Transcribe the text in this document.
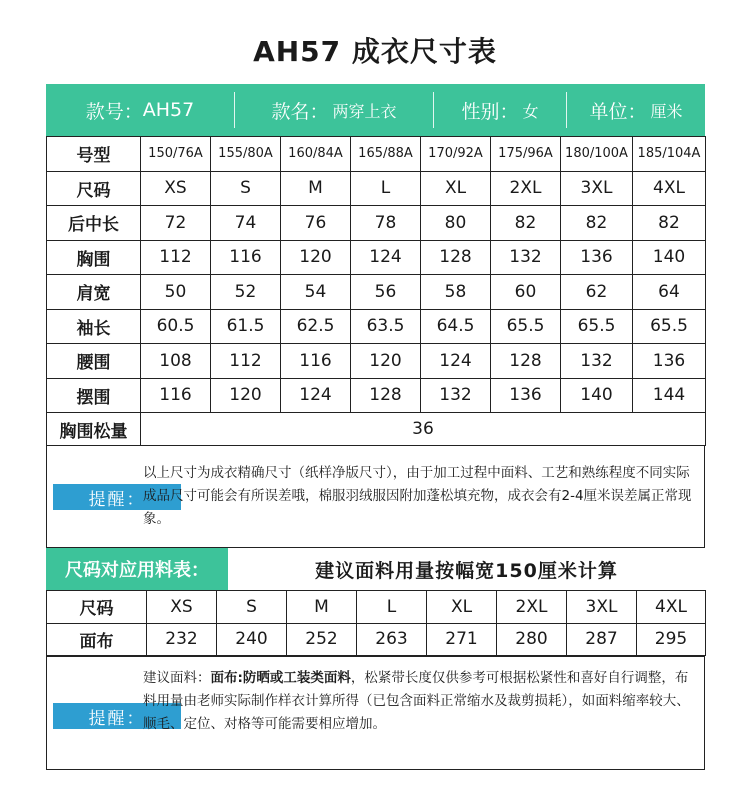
AH57 成衣尺寸表
款号： AH57	款名： 两穿上衣	性别： 女	单位： 厘米
号型	150/76A	155/80A	160/84A	165/88A	170/92A	175/96A	180/100A	185/104A
尺码	XS	S	M	L	XL	2XL	3XL	4XL
后中长	72	74	76	78	80	82	82	82
胸围	112	116	120	124	128	132	136	140
肩宽	50	52	54	56	58	60	62	64
袖长	60.5	61.5	62.5	63.5	64.5	65.5	65.5	65.5
腰围	108	112	116	120	124	128	132	136
摆围	116	120	124	128	132	136	140	144
胸围松量	36							
提醒：
以上尺寸为成衣精确尺寸（纸样净版尺寸），由于加工过程中面料、工艺和熟练程度不同实际成品尺寸可能会有所误差哦，棉服羽绒服因附加蓬松填充物，成衣会有2-4厘米误差属正常现象。
尺码对应用料表：	建议面料用量按幅宽150厘米计算
尺码	XS	S	M	L	XL	2XL	3XL	4XL
面布	232	240	252	263	271	280	287	295
提醒：
建议面料：面布:防晒或工装类面料，松紧带长度仅供参考可根据松紧性和喜好自行调整，布料用量由老师实际制作样衣计算所得（已包含面料正常缩水及裁剪损耗），如面料缩率较大、顺毛、定位、对格等可能需要相应增加。
